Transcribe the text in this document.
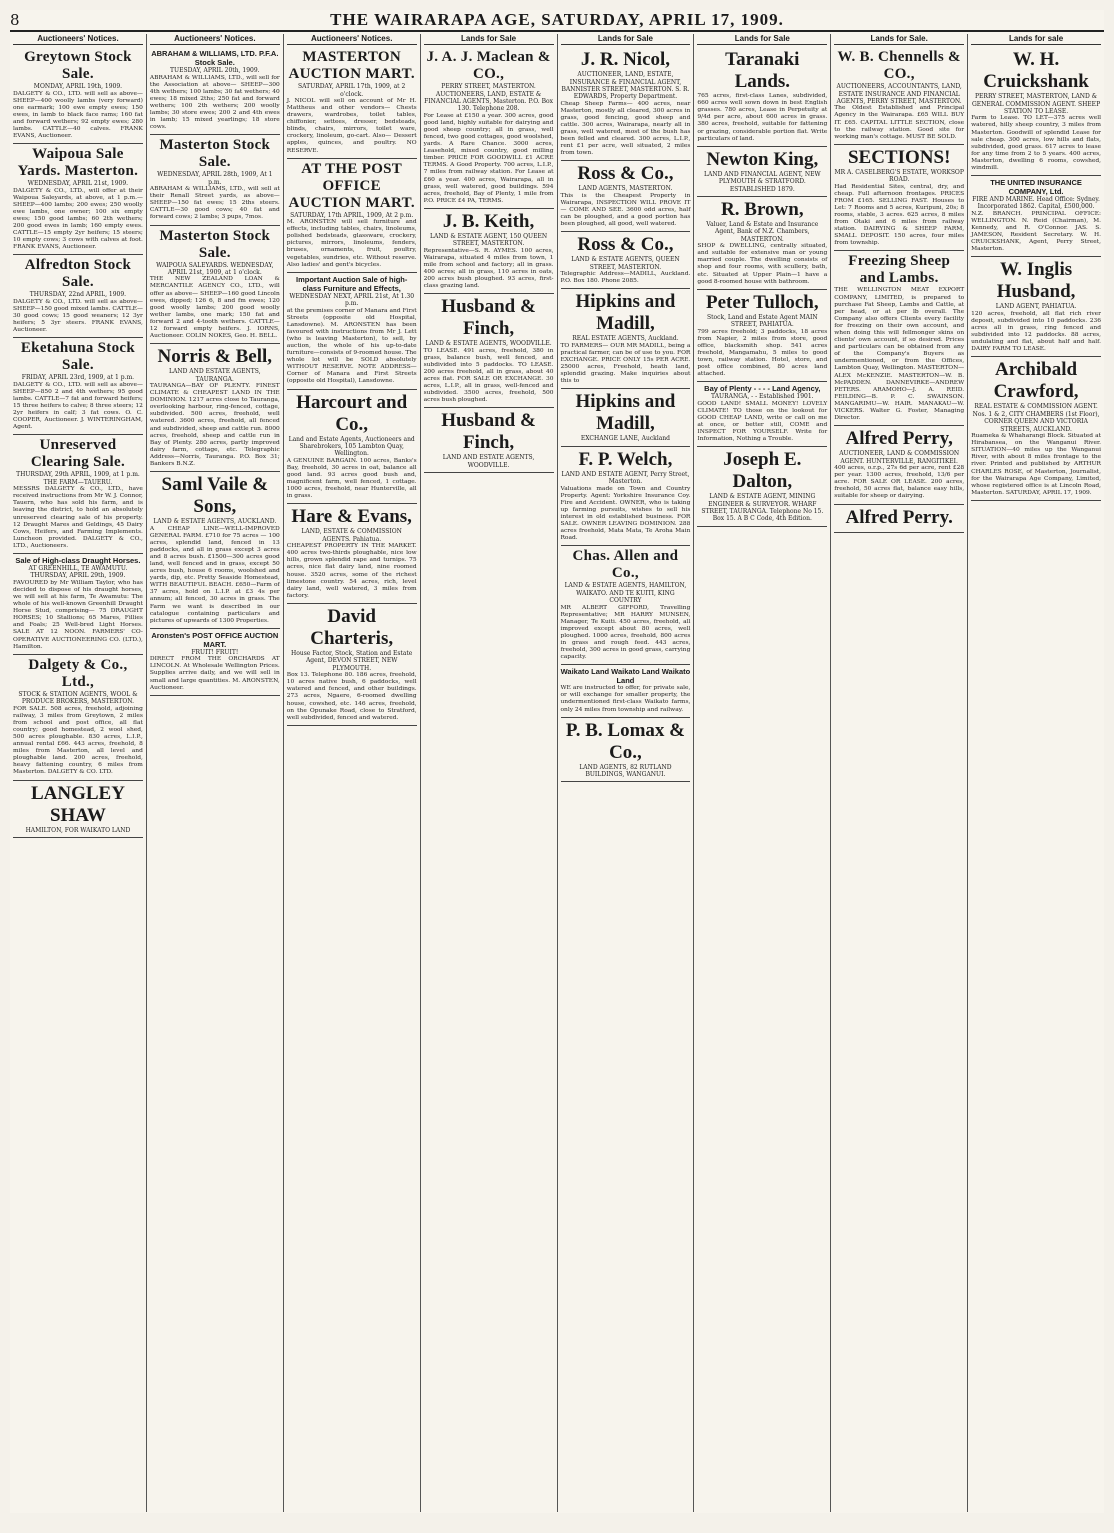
8	THE WAIRARAPA AGE, SATURDAY, APRIL 17, 1909.
Auctioneers' Notices.
Greytown Stock Sale.
MONDAY, APRIL 19th, 1909.
DALGETY & CO., LTD. will sell as above— SHEEP—400 woolly lambs (very forward) one earmark; 100 ewe empty ewes; 150 ewes, in lamb to black face rams; 160 fat and forward wethers; 92 empty ewes; 280 lambs. CATTLE—40 calves. FRANK EVANS, Auctioneer.
Waipoua Sale Yards. Masterton.
WEDNESDAY, APRIL 21st, 1909.
DALGETY & CO., LTD., will offer at their Waipoua Saleyards, at above, at 1 p.m.— SHEEP—400 lambs; 200 ewes; 250 woolly ewe lambs, one owner; 100 six empty ewes; 150 good lambs; 60 2th wethers; 200 good ewes in lamb; 160 empty ewes. CATTLE—15 empty 2yr heifers; 15 steers; 10 empty cows; 3 cows with calves at foot. FRANK EVANS, Auctioneer.
Alfredton Stock Sale.
THURSDAY, 22nd APRIL, 1909.
DALGETY & CO., LTD. will sell as above— SHEEP—150 good mixed lambs. CATTLE—30 good cows; 15 good weaners; 12 3yr heifers; 5 3yr steers. FRANK EVANS, Auctioneer.
Eketahuna Stock Sale.
FRIDAY, APRIL 23rd, 1909, at 1 p.m.
DALGETY & CO., LTD. will sell as above— SHEEP—850 2 and 4th wethers; 95 good lambs. CATTLE—7 fat and forward heifers; 15 three heifers to calve; 8 three steers; 12 2yr heifers in calf; 3 fat cows. O. C. COOPER, Auctioneer. J. WINTERINGHAM, Agent.
Unreserved Clearing Sale.
THURSDAY, 29th APRIL, 1909, at 1 p.m. THE FARM—TAUERU.
MESSRS DALGETY & CO., LTD., have received instructions from Mr W. J. Connor, Tauern, who has sold his farm, and is leaving the district, to hold an absolutely unreserved clearing sale of his property. 12 Draught Mares and Geldings, 45 Dairy Cows, Heifers, and Farming Implements. Luncheon provided. DALGETY & CO., LTD., Auctioneers.
Sale of High-class Draught Horses.
AT GREENHILL, TE AWAMUTU. THURSDAY, APRIL 29th, 1909.
FAVOURED by Mr William Taylor, who has decided to dispose of his draught horses, we will sell at his farm, Te Awamutu: The whole of his well-known Greenhill Draught Horse Stud, comprising— 75 DRAUGHT HORSES; 10 Stallions; 65 Mares, Fillies and Foals; 25 Well-bred Light Horses. SALE AT 12 NOON. FARMERS' CO-OPERATIVE AUCTIONEERING CO. (LTD.), Hamilton.
Dalgety & Co., Ltd.,
STOCK & STATION AGENTS, WOOL & PRODUCE BROKERS, MASTERTON.
FOR SALE. 508 acres, freehold, adjoining railway, 3 miles from Greytown, 2 miles from school and post office, all flat country; good homestead, 2 wool shed, 500 acres ploughable. 830 acres, L.I.P., annual rental £66. 443 acres, freehold, 8 miles from Masterton, all level and ploughable land. 200 acres, freehold, heavy fattening country, 6 miles from Masterton. DALGETY & CO. LTD.
LANGLEY SHAW
HAMILTON, FOR WAIKATO LAND
Auctioneers' Notices.
ABRAHAM & WILLIAMS, LTD. P.F.A. Stock Sale.
TUESDAY, APRIL 20th, 1909.
ABRAHAM & WILLIAMS, LTD., will sell for the Association at above— SHEEP—300 4th wethers; 100 lambs; 30 fat wethers; 40 ewes; 18 mixed 2ths; 250 fat and forward wethers; 100 2th wethers; 200 woolly lambs; 30 store ewes; 200 2 and 4th ewes in lamb; 15 mixed yearlings; 18 store cows.
Masterton Stock Sale.
WEDNESDAY, APRIL 28th, 1909, At 1 p.m.
ABRAHAM & WILLIAMS, LTD., will sell at their Renall Street yards, as above— SHEEP—150 fat ewes; 15 2ths steers. CATTLE—30 good cows; 40 fat and forward cows; 2 lambs; 3 pups, 7mos.
Masterton Stock Sale.
WAIPOUA SALEYARDS. WEDNESDAY, APRIL 21st, 1909, at 1 o'clock.
THE NEW ZEALAND LOAN & MERCANTILE AGENCY CO., LTD., will offer as above— SHEEP—160 good Lincoln ewes, dipped; 126 6, 8 and fm ewes; 120 good woolly lambs; 200 good woolly wether lambs, one mark; 150 fat and forward 2 and 4-tooth wethers. CATTLE—12 forward empty heifers. J. IORNS, Auctioneer. COLIN NOKES, Geo. H. BELL.
Norris & Bell,
LAND AND ESTATE AGENTS, TAURANGA.
TAURANGA—BAY OF PLENTY. FINEST CLIMATE & CHEAPEST LAND IN THE DOMINION. 1217 acres close to Tauranga, overlooking harbour, ring-fenced, cottage, subdivided. 500 acres, freehold, well watered. 3600 acres, freehold, all fenced and subdivided, sheep and cattle run. 8000 acres, freehold, sheep and cattle run in Bay of Plenty. 280 acres, partly improved dairy farm, cottage, etc. Telegraphic Address—Norris, Tauranga. P.O. Box 31; Bankers B.N.Z.
Saml Vaile & Sons,
LAND & ESTATE AGENTS, AUCKLAND.
A CHEAP LINE—WELL-IMPROVED GENERAL FARM. £710 for 75 acres — 100 acres, splendid land, fenced in 13 paddocks, and all in grass except 3 acres and 8 acres bush. £1500—300 acres good land, well fenced and in grass, except 50 acres bush, house 6 rooms, woolshed and yards, dip, etc. Pretty Seaside Homestead, WITH BEAUTIFUL BEACH. £650—Farm of 37 acres, hold on L.I.P. at £3 4s per annum; all fenced, 30 acres in grass. The Farm we want is described in our catalogue containing particulars and pictures of upwards of 1300 Properties.
Aronsten's POST OFFICE AUCTION MART.
FRUIT! FRUIT!
DIRECT FROM THE ORCHARDS AT LINCOLN. At Wholesale Wellington Prices. Supplies arrive daily, and we will sell in small and large quantities. M. ARONSTEN, Auctioneer.
Auctioneers' Notices.
MASTERTON AUCTION MART.
SATURDAY, APRIL 17th, 1909, at 2 o'clock.
J. NICOL will sell on account of Mr H. Mattheus and other vendors— Chests drawers, wardrobes, toilet tables, chiffonier, settees, dresser, bedsteads, blinds, chairs, mirrors, toilet ware, crockery, linoleum, go-cart. Also— Dessert apples, quinces, and poultry. NO RESERVE.
AT THE POST OFFICE AUCTION MART.
SATURDAY, 17th APRIL, 1909, At 2 p.m.
M. ARONSTEN will sell furniture and effects, including tables, chairs, linoleums, polished bedsteads, glassware, crockery, pictures, mirrors, linoleums, fenders, bruses, ornaments, fruit, poultry, vegetables, sundries, etc. Without reserve. Also ladies' and gent's bicycles.
Important Auction Sale of high-class Furniture and Effects,
WEDNESDAY NEXT, APRIL 21st, At 1.30 p.m.
at the premises corner of Manara and First Streets (opposite old Hospital, Lansdowne). M. ARONSTEN has been favoured with instructions from Mr J. Lett (who is leaving Masterton), to sell, by auction, the whole of his up-to-date furniture—consists of 9-roomed house. The whole lot will be SOLD absolutely WITHOUT RESERVE. NOTE ADDRESS—Corner of Manara and First Streets (opposite old Hospital), Lansdowne.
Harcourt and Co.,
Land and Estate Agents, Auctioneers and Sharebrokers, 105 Lambton Quay, Wellington.
A GENUINE BARGAIN. 100 acres, Banks's Bay, freehold, 30 acres in oat, balance all good land. 93 acres good bush and, magnificent farm, well fenced, 1 cottage. 1000 acres, freehold, near Hunterville, all in grass.
Hare & Evans,
LAND, ESTATE & COMMISSION AGENTS. Pahiatua.
CHEAPEST PROPERTY IN THE MARKET. 400 acres two-thirds ploughable, nice low hills, grown splendid rape and turnips. 75 acres, nice flat dairy land, nine roomed house. 3520 acres, some of the richest limestone country. 54 acres, rich, level dairy land, well watered, 3 miles from factory.
David Charteris,
House Factor, Stock, Station and Estate Agent, DEVON STREET, NEW PLYMOUTH.
Box 13. Telephone 80. 186 acres, freehold, 10 acres native bush, 6 paddocks, well watered and fenced, and other buildings. 273 acres, Ngaere, 6-roomed dwelling house, cowshed, etc. 146 acres, freehold, on the Opunake Road, close to Stratford, well subdivided, fenced and watered.
Lands for Sale
J. A. J. Maclean & CO.,
PERRY STREET, MASTERTON. AUCTIONEERS, LAND, ESTATE & FINANCIAL AGENTS, Masterton. P.O. Box 130. Telephone 208.
For Lease at £150 a year. 300 acres, good good land, highly suitable for dairying and good sheep country; all in grass, well fenced, two good cottages, good woolshed, yards. A Rare Chance. 3000 acres, Leasehold, mixed country, good milling timber. PRICE FOR GOODWILL £1 ACRE TERMS. A Good Property. 700 acres, L.I.P., 7 miles from railway station. For Lease at £60 a year. 400 acres, Wairarapa, all in grass, well watered, good buildings. 594 acres, freehold, Bay of Plenty, 1 mile from P.O. PRICE £4 PA, TERMS.
J. B. Keith,
LAND & ESTATE AGENT, 150 QUEEN STREET, MASTERTON.
Representative—S. R. AYMES. 100 acres, Wairarapa, situated 4 miles from town, 1 mile from school and factory; all in grass. 400 acres; all in grass, 110 acres in oats, 200 acres bush ploughed. 93 acres, first-class grazing land.
Husband & Finch,
LAND & ESTATE AGENTS, WOODVILLE.
TO LEASE. 491 acres, freehold, 380 in grass, balance bush, well fenced, and subdivided into 5 paddocks. TO LEASE. 200 acres freehold, all in grass, about 40 acres flat. FOR SALE OR EXCHANGE. 30 acres, L.I.P., all in grass, well-fenced and subdivided. 3500 acres, freehold, 500 acres bush ploughed.
Husband & Finch,
LAND AND ESTATE AGENTS, WOODVILLE.
Lands for Sale
J. R. Nicol,
AUCTIONEER, LAND, ESTATE, INSURANCE & FINANCIAL AGENT, BANNISTER STREET, MASTERTON. S. R. EDWARDS, Property Department.
Cheap Sheep Farms— 400 acres, near Masterton, mostly all cleared, 300 acres in grass, good fencing, good sheep and cattle. 300 acres, Wairarapa, nearly all in grass, well watered, most of the bush has been felled and cleared. 300 acres, L.I.P., rent £1 per acre, well situated, 2 miles from town.
Ross & Co.,
LAND AGENTS, MASTERTON.
This is the Cheapest Property in Wairarapa, INSPECTION WILL PROVE IT— COME AND SEE. 3600 odd acres, half can be ploughed, and a good portion has been ploughed, all good, well watered.
Ross & Co.,
LAND & ESTATE AGENTS, QUEEN STREET, MASTERTON.
Telegraphic Address—MADILL, Auckland. P.O. Box 180. Phone 2085.
Hipkins and Madill,
REAL ESTATE AGENTS, Auckland.
TO FARMERS— OUR MR MADILL, being a practical farmer, can be of use to you. FOR EXCHANGE. PRICE ONLY 15s PER ACRE. 25000 acres, Freehold, heath land, splendid grazing. Make inquiries about this to
Hipkins and Madill,
EXCHANGE LANE, Auckland
F. P. Welch,
LAND AND ESTATE AGENT, Perry Street, Masterton.
Valuations made on Town and Country Property. Agent: Yorkshire Insurance Coy. Fire and Accident. OWNER, who is taking up farming pursuits, wishes to sell his interest in old established business. FOR SALE. OWNER LEAVING DOMINION. 288 acres freehold, Mata Mata, Te Aroha Main Road.
Chas. Allen and Co.,
LAND & ESTATE AGENTS, HAMILTON, WAIKATO. AND TE KUITI, KING COUNTRY
MR ALBERT GIFFORD, Travelling Representative; MR HARRY MUNSEN, Manager, Te Kuiti. 450 acres, freehold, all improved except about 80 acres, well ploughed. 1000 acres, freehold, 800 acres in grass and rough feed. 443 acres, freehold, 300 acres in good grass, carrying capacity.
Waikato Land Waikato Land Waikato Land
WE are instructed to offer, for private sale, or will exchange for smaller property, the undermentioned first-class Waikato farms, only 24 miles from township and railway.
P. B. Lomax & Co.,
LAND AGENTS, 82 RUTLAND BUILDINGS, WANGANUI.
Lands for Sale
Taranaki Lands.
765 acres, first-class Lanes, subdivided, 660 acres well sown down in best English grasses. 780 acres, Lease in Perpetuity at 9/4d per acre, about 600 acres in grass. 380 acres, freehold, suitable for fattening or grazing, considerable portion flat. Write particulars of land.
Newton King,
LAND AND FINANCIAL AGENT, NEW PLYMOUTH & STRATFORD. ESTABLISHED 1879.
R. Brown,
Valuer, Land & Estate and Insurance Agent, Bank of N.Z. Chambers, MASTERTON.
SHOP & DWELLING, centrally situated, and suitable for extensive man or young married couple. The dwelling consists of shop and four rooms, with scullery, bath, etc. Situated at Upper Plain—1 have a good 8-roomed house with bathroom.
Peter Tulloch,
Stock, Land and Estate Agent MAIN STREET, PAHIATUA.
799 acres freehold; 3 paddocks, 18 acres from Napier, 2 miles from store, good office, blacksmith shop. 541 acres freehold, Mangamahu, 5 miles to good town, railway station. Hotel, store, and post office combined, 80 acres land attached.
Bay of Plenty - - - - Land Agency,
TAURANGA, - - Established 1901.
GOOD LAND! SMALL MONEY! LOVELY CLIMATE! TO those on the lookout for GOOD CHEAP LAND, write or call on me at once, or better still, COME and INSPECT FOR YOURSELF. Write for Information, Nothing a Trouble.
Joseph E. Dalton,
LAND & ESTATE AGENT, MINING ENGINEER & SURVEYOR. WHARF STREET, TAURANGA. Telephone No 15. Box 15. A B C Code, 4th Edition.
Lands for Sale.
W. B. Chennells & CO.,
AUCTIONEERS, ACCOUNTANTS, LAND, ESTATE INSURANCE AND FINANCIAL AGENTS, PERRY STREET, MASTERTON.
The Oldest Established and Principal Agency in the Wairarapa. £65 WILL BUY IT. £65. CAPITAL LITTLE SECTION, close to the railway station. Good site for working man's cottage. MUST BE SOLD.
SECTIONS!
MR A. CASELBERG'S ESTATE, WORKSOP ROAD.
Had Residential Sites, central, dry, and cheap. Full afternoon frontages. PRICES FROM £165. SELLING FAST. Houses to Let: 7 Rooms and 5 acres, Kuripuni, 20s; 8 rooms, stable, 3 acres. 625 acres, 8 miles from Otaki and 6 miles from railway station. DAIRYING & SHEEP FARM, SMALL DEPOSIT. 150 acres, four miles from township.
Freezing Sheep and Lambs.
THE WELLINGTON MEAT EXPORT COMPANY, LIMITED, is prepared to purchase Fat Sheep, Lambs and Cattle, at per head, or at per lb overall. The Company also offers Clients every facility for freezing on their own account, and when doing this will fellmonger skins on clients' own account, if so desired. Prices and particulars can be obtained from any of the Company's Buyers as undermentioned, or from the Offices, Lambton Quay, Wellington. MASTERTON—ALEX McKENZIE. MASTERTON—W. B. McPADDEN. DANNEVIRKE—ANDREW PETERS. ARAMOHO—J. A. REID. FEILDING—B. P. C. SWAINSON. MANGARIMU—W. HAIR. MANAKAU—W. VICKERS. Walter G. Foster, Managing Director.
Alfred Perry,
AUCTIONEER, LAND & COMMISSION AGENT. HUNTERVILLE, RANGITIKEI.
400 acres, o.r.p., 27s 6d per acre, rent £28 per year. 1300 acres, freehold, 13/6 per acre. FOR SALE OR LEASE. 200 acres, freehold, 50 acres flat, balance easy hills, suitable for sheep or dairying.
Alfred Perry.
Lands for sale
W. H. Cruickshank
PERRY STREET, MASTERTON, LAND & GENERAL COMMISSION AGENT. SHEEP STATION TO LEASE.
Farm to Lease. TO LET—375 acres well watered, hilly sheep country, 3 miles from Masterton. Goodwill of splendid Lease for sale cheap. 300 acres, low hills and flats, subdivided, good grass. 617 acres to lease for any time from 2 to 5 years. 400 acres, Masterton, dwelling 6 rooms, cowshed, windmill.
THE UNITED INSURANCE COMPANY, Ltd.
FIRE AND MARINE. Head Office: Sydney. Incorporated 1862. Capital, £500,000.
N.Z. BRANCH. PRINCIPAL OFFICE: WELLINGTON. N. Reid (Chairman), M. Kennedy, and R. O'Connor. JAS. S. JAMESON, Resident Secretary. W. H. CRUICKSHANK, Agent, Perry Street, Masterton.
W. Inglis Husband,
LAND AGENT, PAHIATUA.
120 acres, freehold, all flat rich river deposit, subdivided into 10 paddocks. 236 acres all in grass, ring fenced and subdivided into 12 paddocks. 88 acres, undulating and flat, about half and half. DAIRY FARM TO LEASE.
Archibald Crawford,
REAL ESTATE & COMMISSION AGENT. Nos. 1 & 2, CITY CHAMBERS (1st Floor), CORNER QUEEN AND VICTORIA STREETS, AUCKLAND.
Ruameka & Whaharangi Block. Situated at Hirabansea, on the Wanganui River. SITUATION—40 miles up the Wanganui River, with about 8 miles frontage to the river. Printed and published by ARTHUR CHARLES ROSE, of Masterton, Journalist, for the Wairarapa Age Company, Limited, whose registered office is at Lincoln Road, Masterton. SATURDAY, APRIL 17, 1909.
